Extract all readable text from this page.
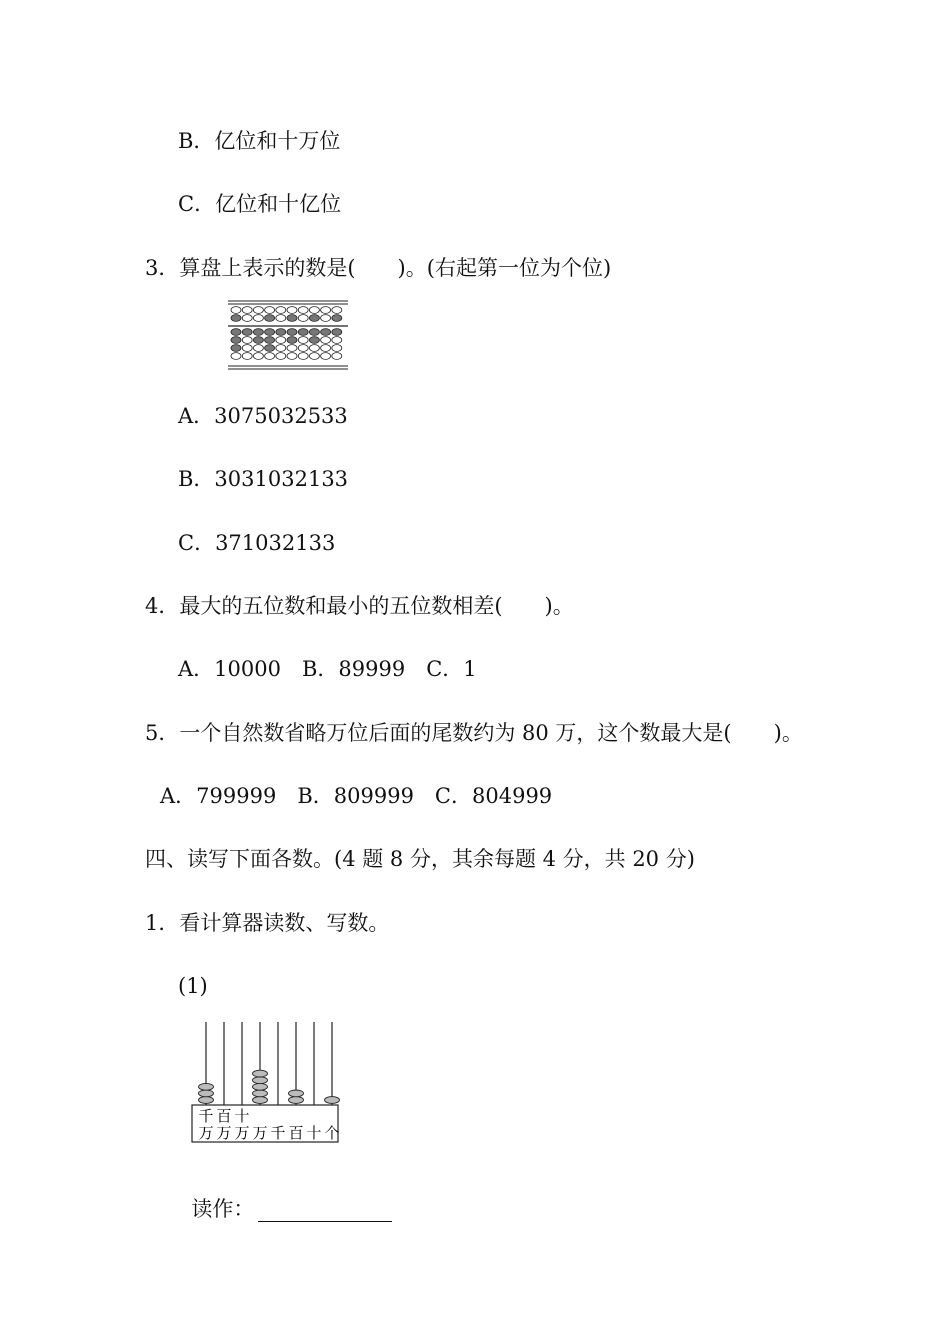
B．亿位和十万位
C．亿位和十亿位
3．算盘上表示的数是(　　)。(右起第一位为个位)
A．3075032533
B．3031032133
C．371032133
4．最大的五位数和最小的五位数相差(　　)。
A．10000　B．89999　C．1
5．一个自然数省略万位后面的尾数约为 80 万，这个数最大是(　　)。
A．799999　B．809999　C．804999
四、读写下面各数。(4 题 8 分，其余每题 4 分，共 20 分)
1．看计算器读数、写数。
(1)
千 百 十
万 万 万 万 千 百 十 个

读作：
